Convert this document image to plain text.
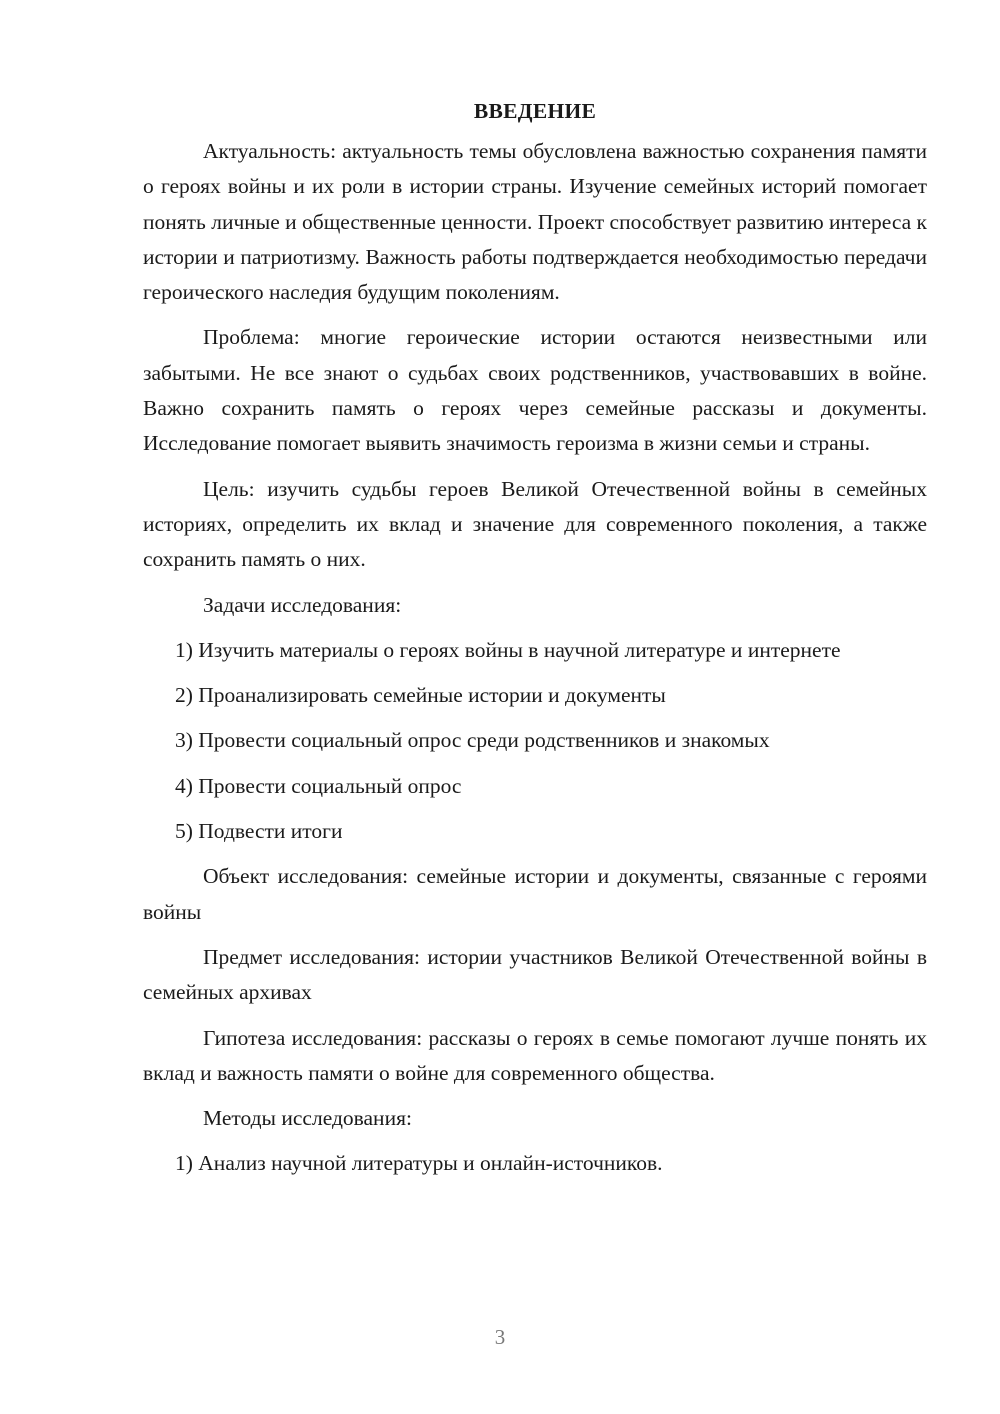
ВВЕДЕНИЕ

Актуальность: актуальность темы обусловлена важностью сохранения памяти о героях войны и их роли в истории страны. Изучение семейных историй помогает понять личные и общественные ценности. Проект способствует развитию интереса к истории и патриотизму. Важность работы подтверждается необходимостью передачи героического наследия будущим поколениям.

Проблема: многие героические истории остаются неизвестными или забытыми. Не все знают о судьбах своих родственников, участвовавших в войне. Важно сохранить память о героях через семейные рассказы и документы. Исследование помогает выявить значимость героизма в жизни семьи и страны.

Цель: изучить судьбы героев Великой Отечественной войны в семейных историях, определить их вклад и значение для современного поколения, а также сохранить память о них.

Задачи исследования:

1) Изучить материалы о героях войны в научной литературе и интернете

2) Проанализировать семейные истории и документы

3) Провести социальный опрос среди родственников и знакомых

4) Провести социальный опрос

5) Подвести итоги

Объект исследования: семейные истории и документы, связанные с героями войны

Предмет исследования: истории участников Великой Отечественной войны в семейных архивах

Гипотеза исследования: рассказы о героях в семье помогают лучше понять их вклад и важность памяти о войне для современного общества.

Методы исследования:

1) Анализ научной литературы и онлайн-источников.

3
